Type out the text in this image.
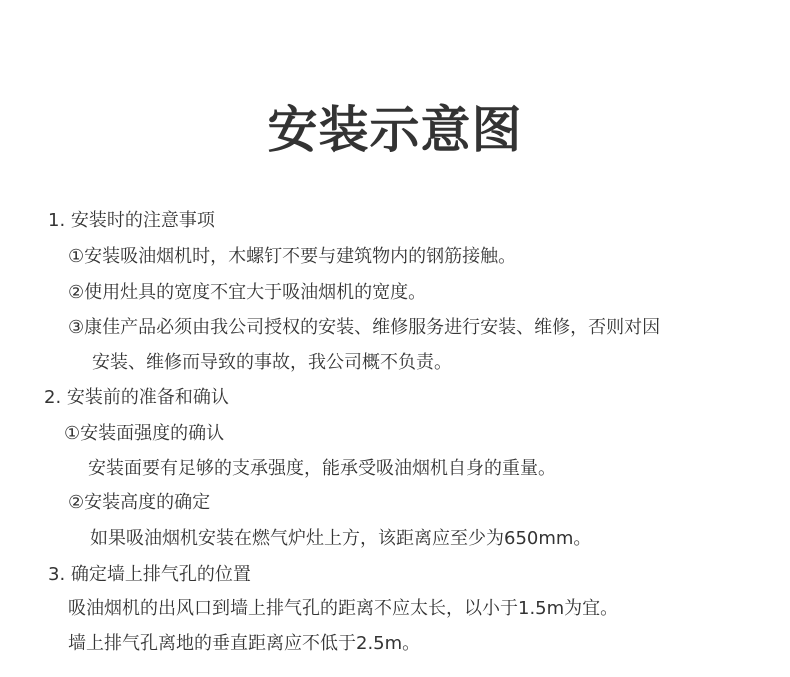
安装示意图
1. 安装时的注意事项
①安装吸油烟机时，木螺钉不要与建筑物内的钢筋接触。
②使用灶具的宽度不宜大于吸油烟机的宽度。
③康佳产品必须由我公司授权的安装、维修服务进行安装、维修，否则对因
安装、维修而导致的事故，我公司概不负责。
2. 安装前的准备和确认
①安装面强度的确认
安装面要有足够的支承强度，能承受吸油烟机自身的重量。
②安装高度的确定
如果吸油烟机安装在燃气炉灶上方，该距离应至少为650mm。
3. 确定墙上排气孔的位置
吸油烟机的出风口到墙上排气孔的距离不应太长，以小于1.5m为宜。
墙上排气孔离地的垂直距离应不低于2.5m。
